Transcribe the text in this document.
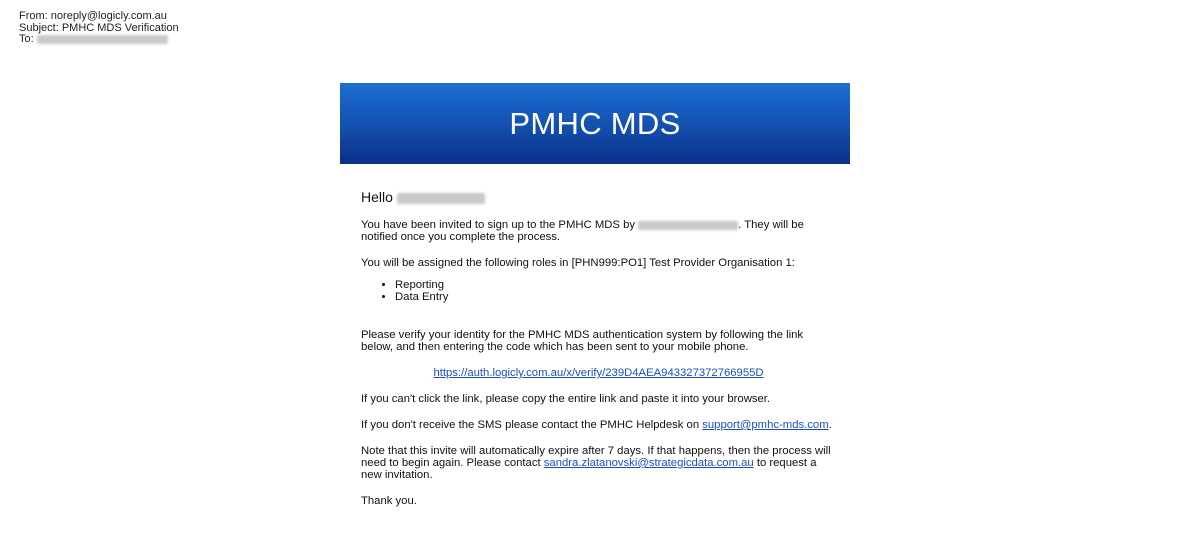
From: noreply@logicly.com.au
Subject: PMHC MDS Verification
To:
PMHC MDS
Hello

You have been invited to sign up to the PMHC MDS by	. They will be notified once you complete the process.

You will be assigned the following roles in [PHN999:PO1] Test Provider Organisation 1:

• Reporting
• Data Entry

Please verify your identity for the PMHC MDS authentication system by following the link below, and then entering the code which has been sent to your mobile phone.

https://auth.logicly.com.au/x/verify/239D4AEA943327372766955D

If you can't click the link, please copy the entire link and paste it into your browser.

If you don't receive the SMS please contact the PMHC Helpdesk on support@pmhc-mds.com.

Note that this invite will automatically expire after 7 days. If that happens, then the process will need to begin again. Please contact sandra.zlatanovski@strategicdata.com.au to request a new invitation.

Thank you.
